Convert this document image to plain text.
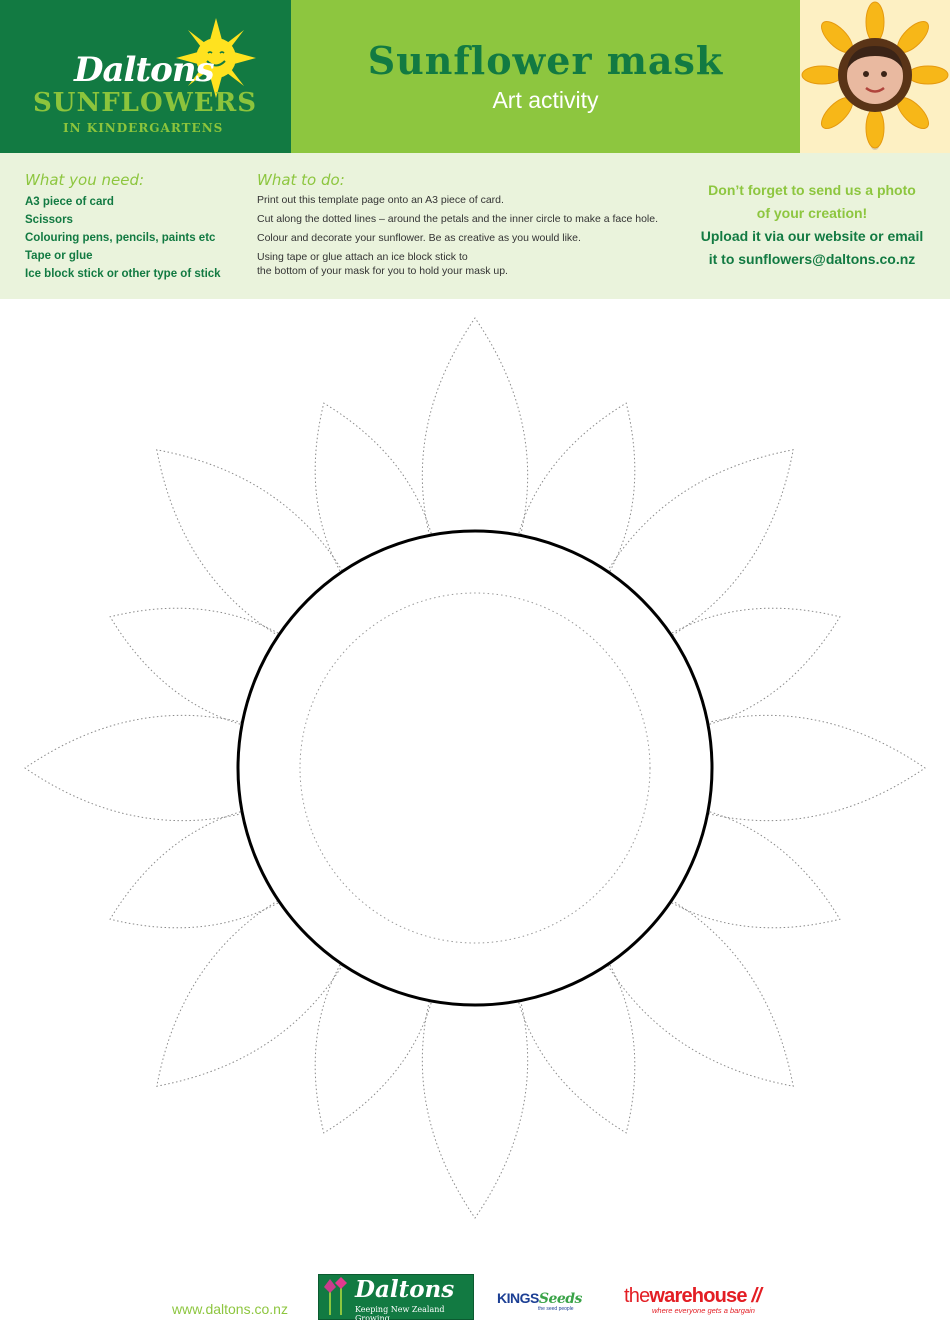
Daltons
SUNFLOWERS
IN KINDERGARTENS
Sunflower mask
Art activity
What you need:
A3 piece of card
Scissors
Colouring pens, pencils, paints etc
Tape or glue
Ice block stick or other type of stick
What to do:
Print out this template page onto an A3 piece of card.
Cut along the dotted lines – around the petals and the inner circle to make a face hole.
Colour and decorate your sunflower. Be as creative as you would like.
Using tape or glue attach an ice block stick to
the bottom of your mask for you to hold your mask up.
Don’t forget to send us a photo
of your creation!
Upload it via our website or email
it to sunflowers@daltons.co.nz
www.daltons.co.nz
Daltons
Keeping New Zealand Growing
KINGSSeeds
the seed people
thewarehouse //
where everyone gets a bargain
